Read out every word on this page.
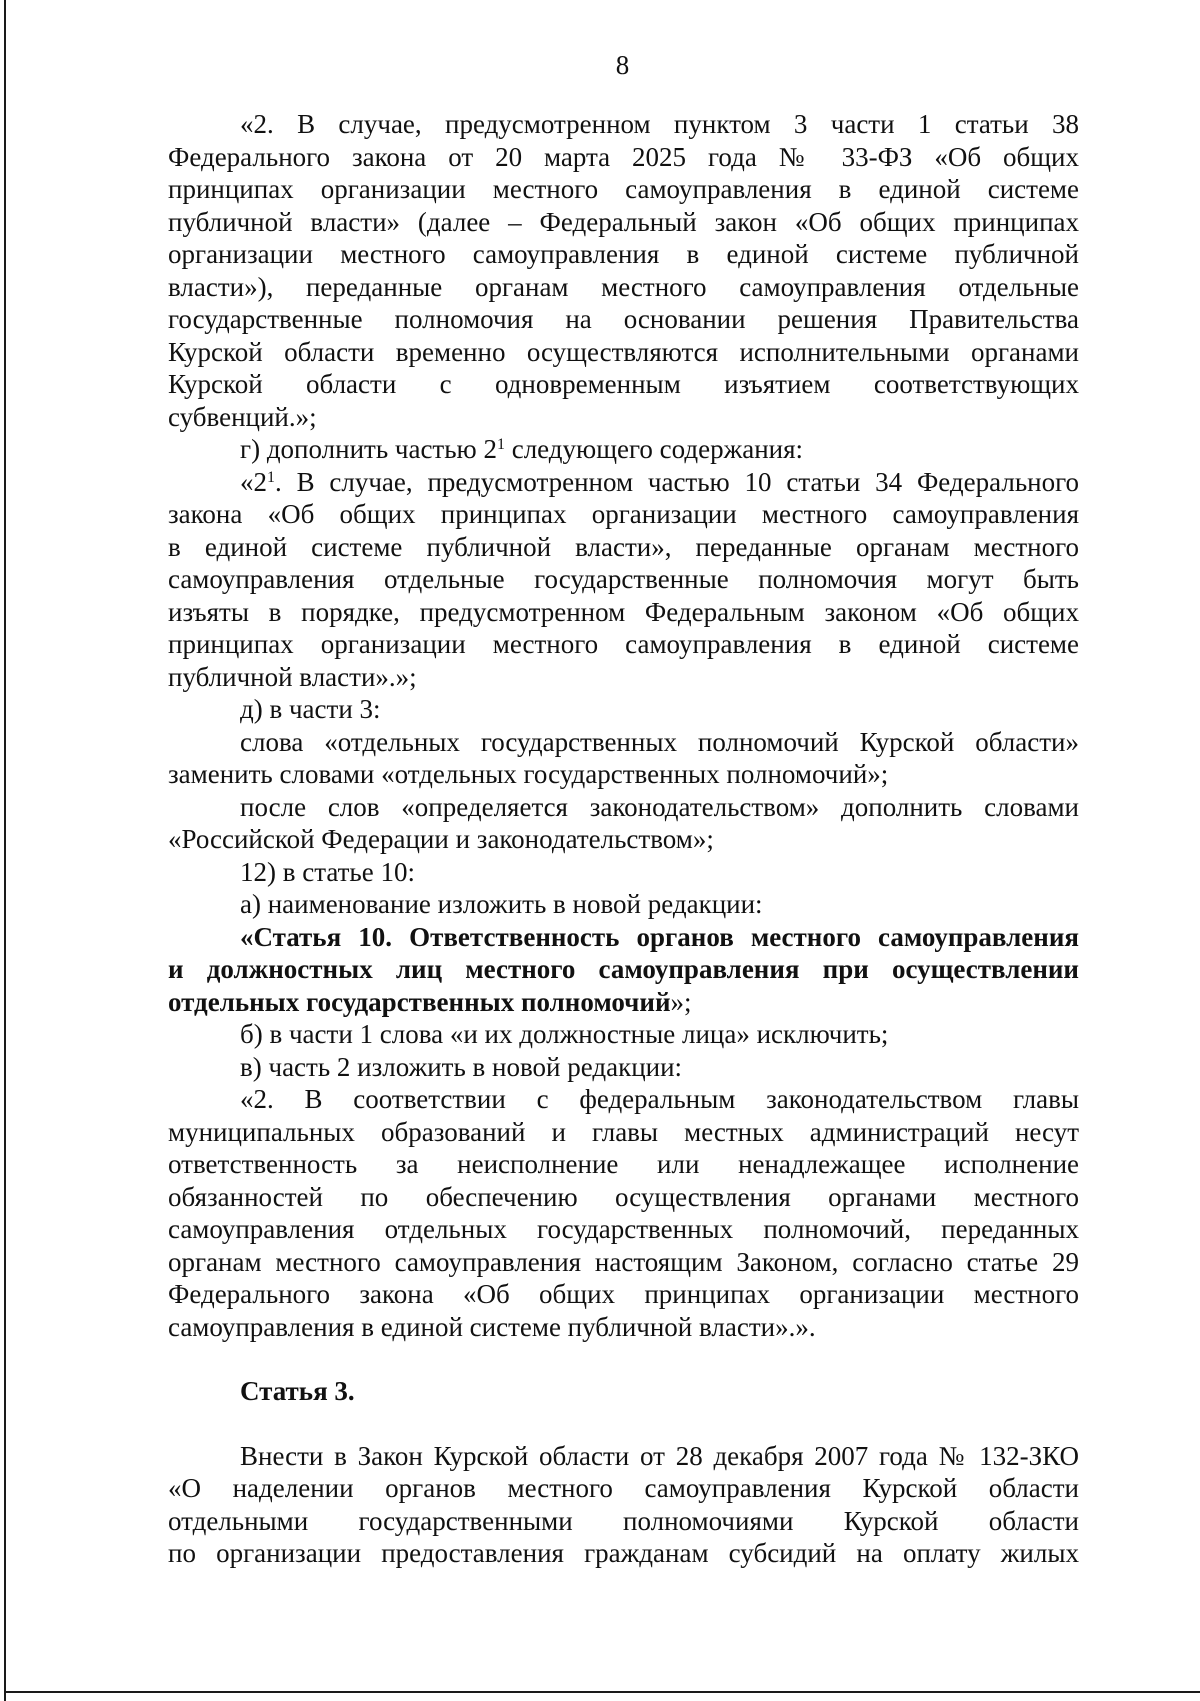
8
«2. В случае, предусмотренном пунктом 3 части 1 статьи 38
Федерального закона от 20 марта 2025 года № 33-ФЗ «Об общих
принципах организации местного самоуправления в единой системе
публичной власти» (далее – Федеральный закон «Об общих принципах
организации местного самоуправления в единой системе публичной
власти»), переданные органам местного самоуправления отдельные
государственные полномочия на основании решения Правительства
Курской области временно осуществляются исполнительными органами
Курской области с одновременным изъятием соответствующих
субвенций.»;
г) дополнить частью $2^1$ следующего содержания:
«$2^1$. В случае, предусмотренном частью 10 статьи 34 Федерального
закона «Об общих принципах организации местного самоуправления
в единой системе публичной власти», переданные органам местного
самоуправления отдельные государственные полномочия могут быть
изъяты в порядке, предусмотренном Федеральным законом «Об общих
принципах организации местного самоуправления в единой системе
публичной власти».»;
д) в части 3:
слова «отдельных государственных полномочий Курской области»
заменить словами «отдельных государственных полномочий»;
после слов «определяется законодательством» дополнить словами
«Российской Федерации и законодательством»;
12) в статье 10:
а) наименование изложить в новой редакции:
«Статья 10. Ответственность органов местного самоуправления
и должностных лиц местного самоуправления при осуществлении
отдельных государственных полномочий»;
б) в части 1 слова «и их должностные лица» исключить;
в) часть 2 изложить в новой редакции:
«2. В соответствии с федеральным законодательством главы
муниципальных образований и главы местных администраций несут
ответственность за неисполнение или ненадлежащее исполнение
обязанностей по обеспечению осуществления органами местного
самоуправления отдельных государственных полномочий, переданных
органам местного самоуправления настоящим Законом, согласно статье 29
Федерального закона «Об общих принципах организации местного
самоуправления в единой системе публичной власти».».
Статья 3.
Внести в Закон Курской области от 28 декабря 2007 года № 132-ЗКО
«О наделении органов местного самоуправления Курской области
отдельными государственными полномочиями Курской области
по организации предоставления гражданам субсидий на оплату жилых
